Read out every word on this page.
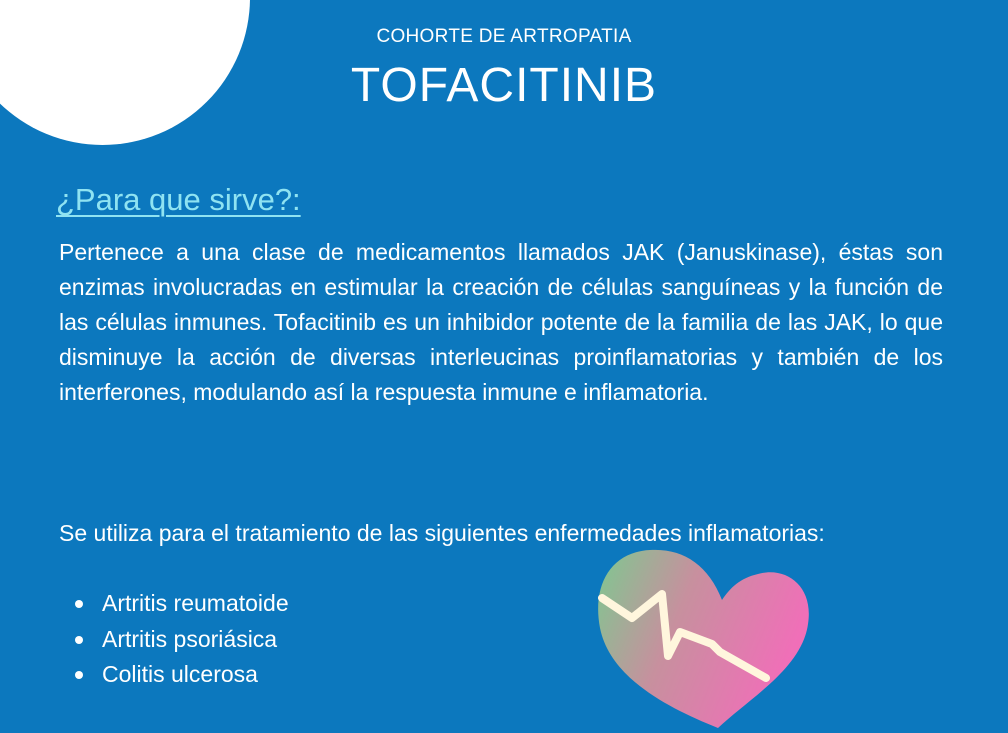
COHORTE DE ARTROPATIA
TOFACITINIB
¿Para que sirve?:

Pertenece a una clase de medicamentos llamados JAK (Januskinase), éstas son enzimas involucradas en estimular la creación de células sanguíneas y la función de las células inmunes. Tofacitinib es un inhibidor potente de la familia de las JAK, lo que disminuye la acción de diversas interleucinas proinflamatorias y también de los interferones, modulando así la respuesta inmune e inflamatoria.

Se utiliza para el tratamiento de las siguientes enfermedades inflamatorias:

Artritis reumatoide
Artritis psoriásica
Colitis ulcerosa
